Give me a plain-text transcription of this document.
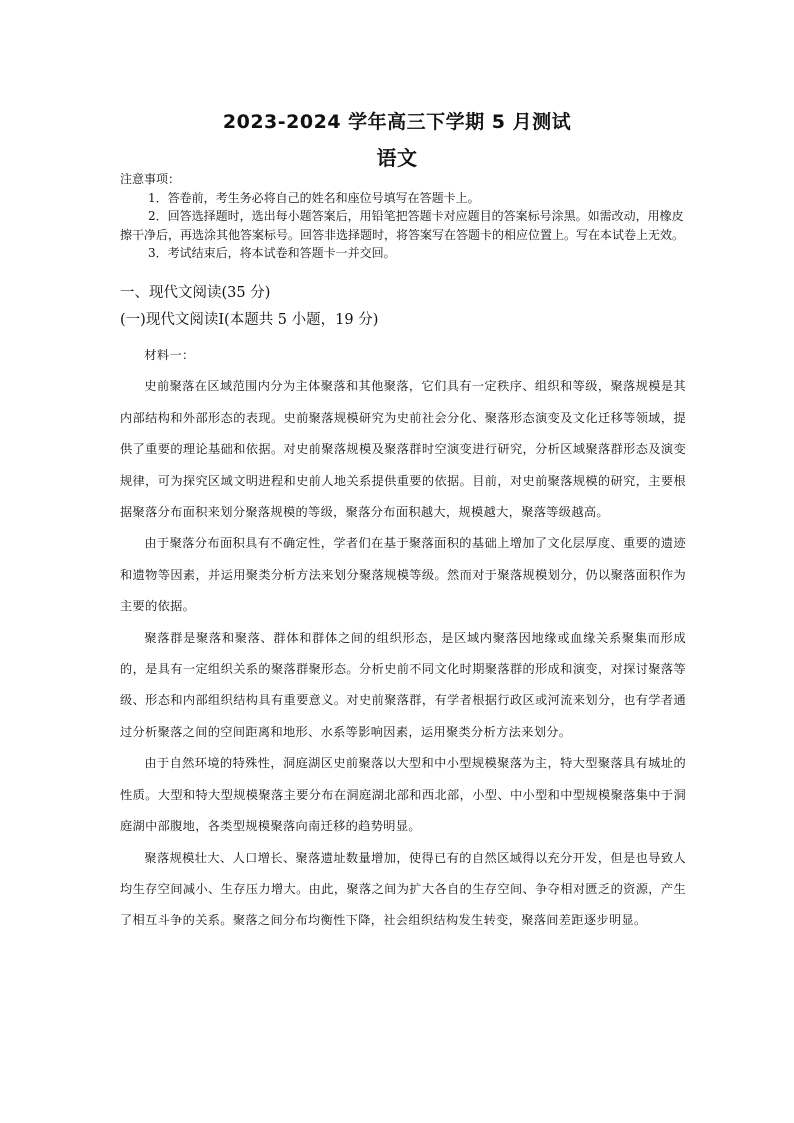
2023-2024 学年高三下学期 5 月测试
语文
注意事项：
1．答卷前，考生务必将自己的姓名和座位号填写在答题卡上。
2．回答选择题时，选出每小题答案后，用铅笔把答题卡对应题目的答案标号涂黑。如需改动，用橡皮擦干净后，再选涂其他答案标号。回答非选择题时，将答案写在答题卡的相应位置上。写在本试卷上无效。
3．考试结束后，将本试卷和答题卡一并交回。
一、现代文阅读(35 分)
(一)现代文阅读Ⅰ(本题共 5 小题，19 分)

材料一：

史前聚落在区域范围内分为主体聚落和其他聚落，它们具有一定秩序、组织和等级，聚落规模是其内部结构和外部形态的表现。史前聚落规模研究为史前社会分化、聚落形态演变及文化迁移等领域，提供了重要的理论基础和依据。对史前聚落规模及聚落群时空演变进行研究，分析区域聚落群形态及演变规律，可为探究区域文明进程和史前人地关系提供重要的依据。目前，对史前聚落规模的研究，主要根据聚落分布面积来划分聚落规模的等级，聚落分布面积越大，规模越大，聚落等级越高。

由于聚落分布面积具有不确定性，学者们在基于聚落面积的基础上增加了文化层厚度、重要的遗迹和遗物等因素，并运用聚类分析方法来划分聚落规模等级。然而对于聚落规模划分，仍以聚落面积作为主要的依据。

聚落群是聚落和聚落、群体和群体之间的组织形态，是区域内聚落因地缘或血缘关系聚集而形成的，是具有一定组织关系的聚落群聚形态。分析史前不同文化时期聚落群的形成和演变，对探讨聚落等级、形态和内部组织结构具有重要意义。对史前聚落群，有学者根据行政区或河流来划分，也有学者通过分析聚落之间的空间距离和地形、水系等影响因素，运用聚类分析方法来划分。

由于自然环境的特殊性，洞庭湖区史前聚落以大型和中小型规模聚落为主，特大型聚落具有城址的性质。大型和特大型规模聚落主要分布在洞庭湖北部和西北部，小型、中小型和中型规模聚落集中于洞庭湖中部腹地，各类型规模聚落向南迁移的趋势明显。

聚落规模壮大、人口增长、聚落遗址数量增加，使得已有的自然区域得以充分开发，但是也导致人均生存空间减小、生存压力增大。由此，聚落之间为扩大各自的生存空间、争夺相对匮乏的资源，产生了相互斗争的关系。聚落之间分布均衡性下降，社会组织结构发生转变，聚落间差距逐步明显。
